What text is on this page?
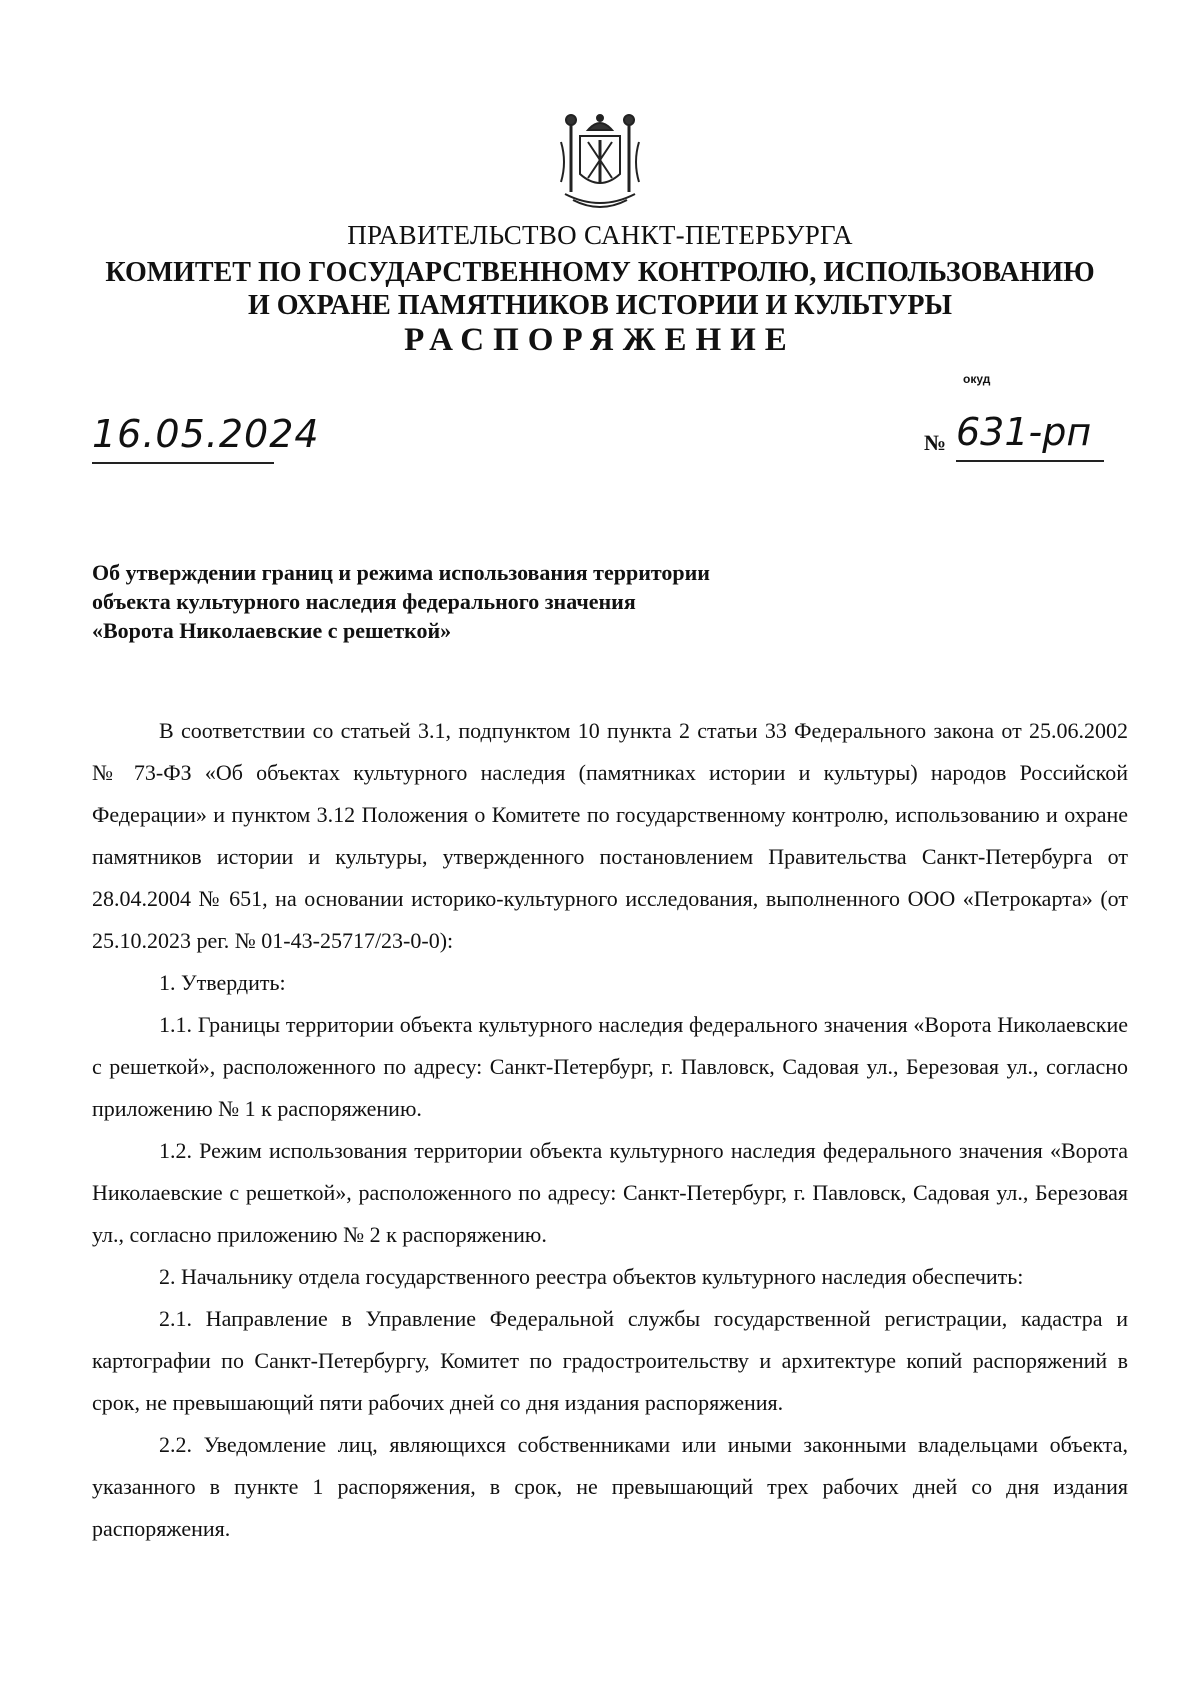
ПРАВИТЕЛЬСТВО САНКТ-ПЕТЕРБУРГА
КОМИТЕТ ПО ГОСУДАРСТВЕННОМУ КОНТРОЛЮ, ИСПОЛЬЗОВАНИЮ
И ОХРАНЕ ПАМЯТНИКОВ ИСТОРИИ И КУЛЬТУРЫ
РАСПОРЯЖЕНИЕ
окуд
16.05.2024	№ 631-рп
Об утверждении границ и режима использования территории
объекта культурного наследия федерального значения
«Ворота Николаевские с решеткой»

В соответствии со статьей 3.1, подпунктом 10 пункта 2 статьи 33 Федерального закона от 25.06.2002 № 73-ФЗ «Об объектах культурного наследия (памятниках истории и культуры) народов Российской Федерации» и пунктом 3.12 Положения о Комитете по государственному контролю, использованию и охране памятников истории и культуры, утвержденного постановлением Правительства Санкт-Петербурга от 28.04.2004 № 651, на основании историко-культурного исследования, выполненного ООО «Петрокарта» (от 25.10.2023 рег. № 01-43-25717/23-0-0):

1. Утвердить:

1.1. Границы территории объекта культурного наследия федерального значения «Ворота Николаевские с решеткой», расположенного по адресу: Санкт-Петербург, г. Павловск, Садовая ул., Березовая ул., согласно приложению № 1 к распоряжению.

1.2. Режим использования территории объекта культурного наследия федерального значения «Ворота Николаевские с решеткой», расположенного по адресу: Санкт-Петербург, г. Павловск, Садовая ул., Березовая ул., согласно приложению № 2 к распоряжению.

2. Начальнику отдела государственного реестра объектов культурного наследия обеспечить:

2.1. Направление в Управление Федеральной службы государственной регистрации, кадастра и картографии по Санкт-Петербургу, Комитет по градостроительству и архитектуре копий распоряжений в срок, не превышающий пяти рабочих дней со дня издания распоряжения.

2.2. Уведомление лиц, являющихся собственниками или иными законными владельцами объекта, указанного в пункте 1 распоряжения, в срок, не превышающий трех рабочих дней со дня издания распоряжения.
